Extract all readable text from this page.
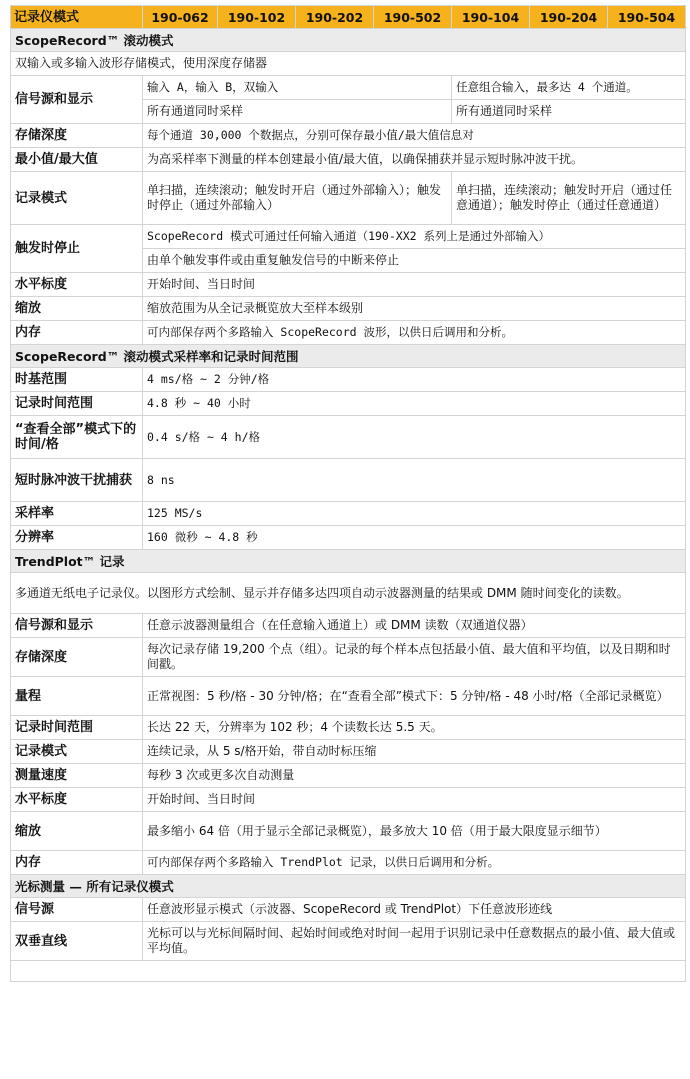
记录仪模式	190-062	190-102	190-202	190-502	190-104	190-204	190-504
ScopeRecord™ 滚动模式							
双输入或多输入波形存储模式，使用深度存储器							
信号源和显示	输入 A，输入 B，双输入				任意组合输入，最多达 4 个通道。		
	所有通道同时采样				所有通道同时采样		
存储深度	每个通道 30,000 个数据点，分别可保存最小值/最大值信息对						
最小值/最大值	为高采样率下测量的样本创建最小值/最大值，以确保捕获并显示短时脉冲波干扰。						
记录模式	单扫描，连续滚动；触发时开启（通过外部输入）；触发时停止（通过外部输入）				单扫描，连续滚动；触发时开启（通过任意通道）；触发时停止（通过任意通道）		
触发时停止	ScopeRecord 模式可通过任何输入通道（190-XX2 系列上是通过外部输入）						
	由单个触发事件或由重复触发信号的中断来停止						
水平标度	开始时间、当日时间						
缩放	缩放范围为从全记录概览放大至样本级别						
内存	可内部保存两个多路输入 ScopeRecord 波形，以供日后调用和分析。						
ScopeRecord™ 滚动模式采样率和记录时间范围							
时基范围	4 ms/格 ~ 2 分钟/格						
记录时间范围	4.8 秒 ~ 40 小时						
“查看全部”模式下的时间/格	0.4 s/格 ~ 4 h/格						
短时脉冲波干扰捕获	8 ns						
采样率	125 MS/s						
分辨率	160 微秒 ~ 4.8 秒						
TrendPlot™ 记录							
多通道无纸电子记录仪。以图形方式绘制、显示并存储多达四项自动示波器测量的结果或 DMM 随时间变化的读数。							
信号源和显示	任意示波器测量组合（在任意输入通道上）或 DMM 读数（双通道仪器）						
存储深度	每次记录存储 19,200 个点（组）。记录的每个样本点包括最小值、最大值和平均值，以及日期和时间戳。						
量程	正常视图：5 秒/格 - 30 分钟/格；在“查看全部”模式下：5 分钟/格 - 48 小时/格（全部记录概览）						
记录时间范围	长达 22 天，分辨率为 102 秒；4 个读数长达 5.5 天。						
记录模式	连续记录，从 5 s/格开始，带自动时标压缩						
测量速度	每秒 3 次或更多次自动测量						
水平标度	开始时间、当日时间						
缩放	最多缩小 64 倍（用于显示全部记录概览），最多放大 10 倍（用于最大限度显示细节）						
内存	可内部保存两个多路输入 TrendPlot 记录，以供日后调用和分析。						
光标测量 — 所有记录仪模式							
信号源	任意波形显示模式（示波器、ScopeRecord 或 TrendPlot）下任意波形迹线						
双垂直线	光标可以与光标间隔时间、起始时间或绝对时间一起用于识别记录中任意数据点的最小值、最大值或平均值。						
